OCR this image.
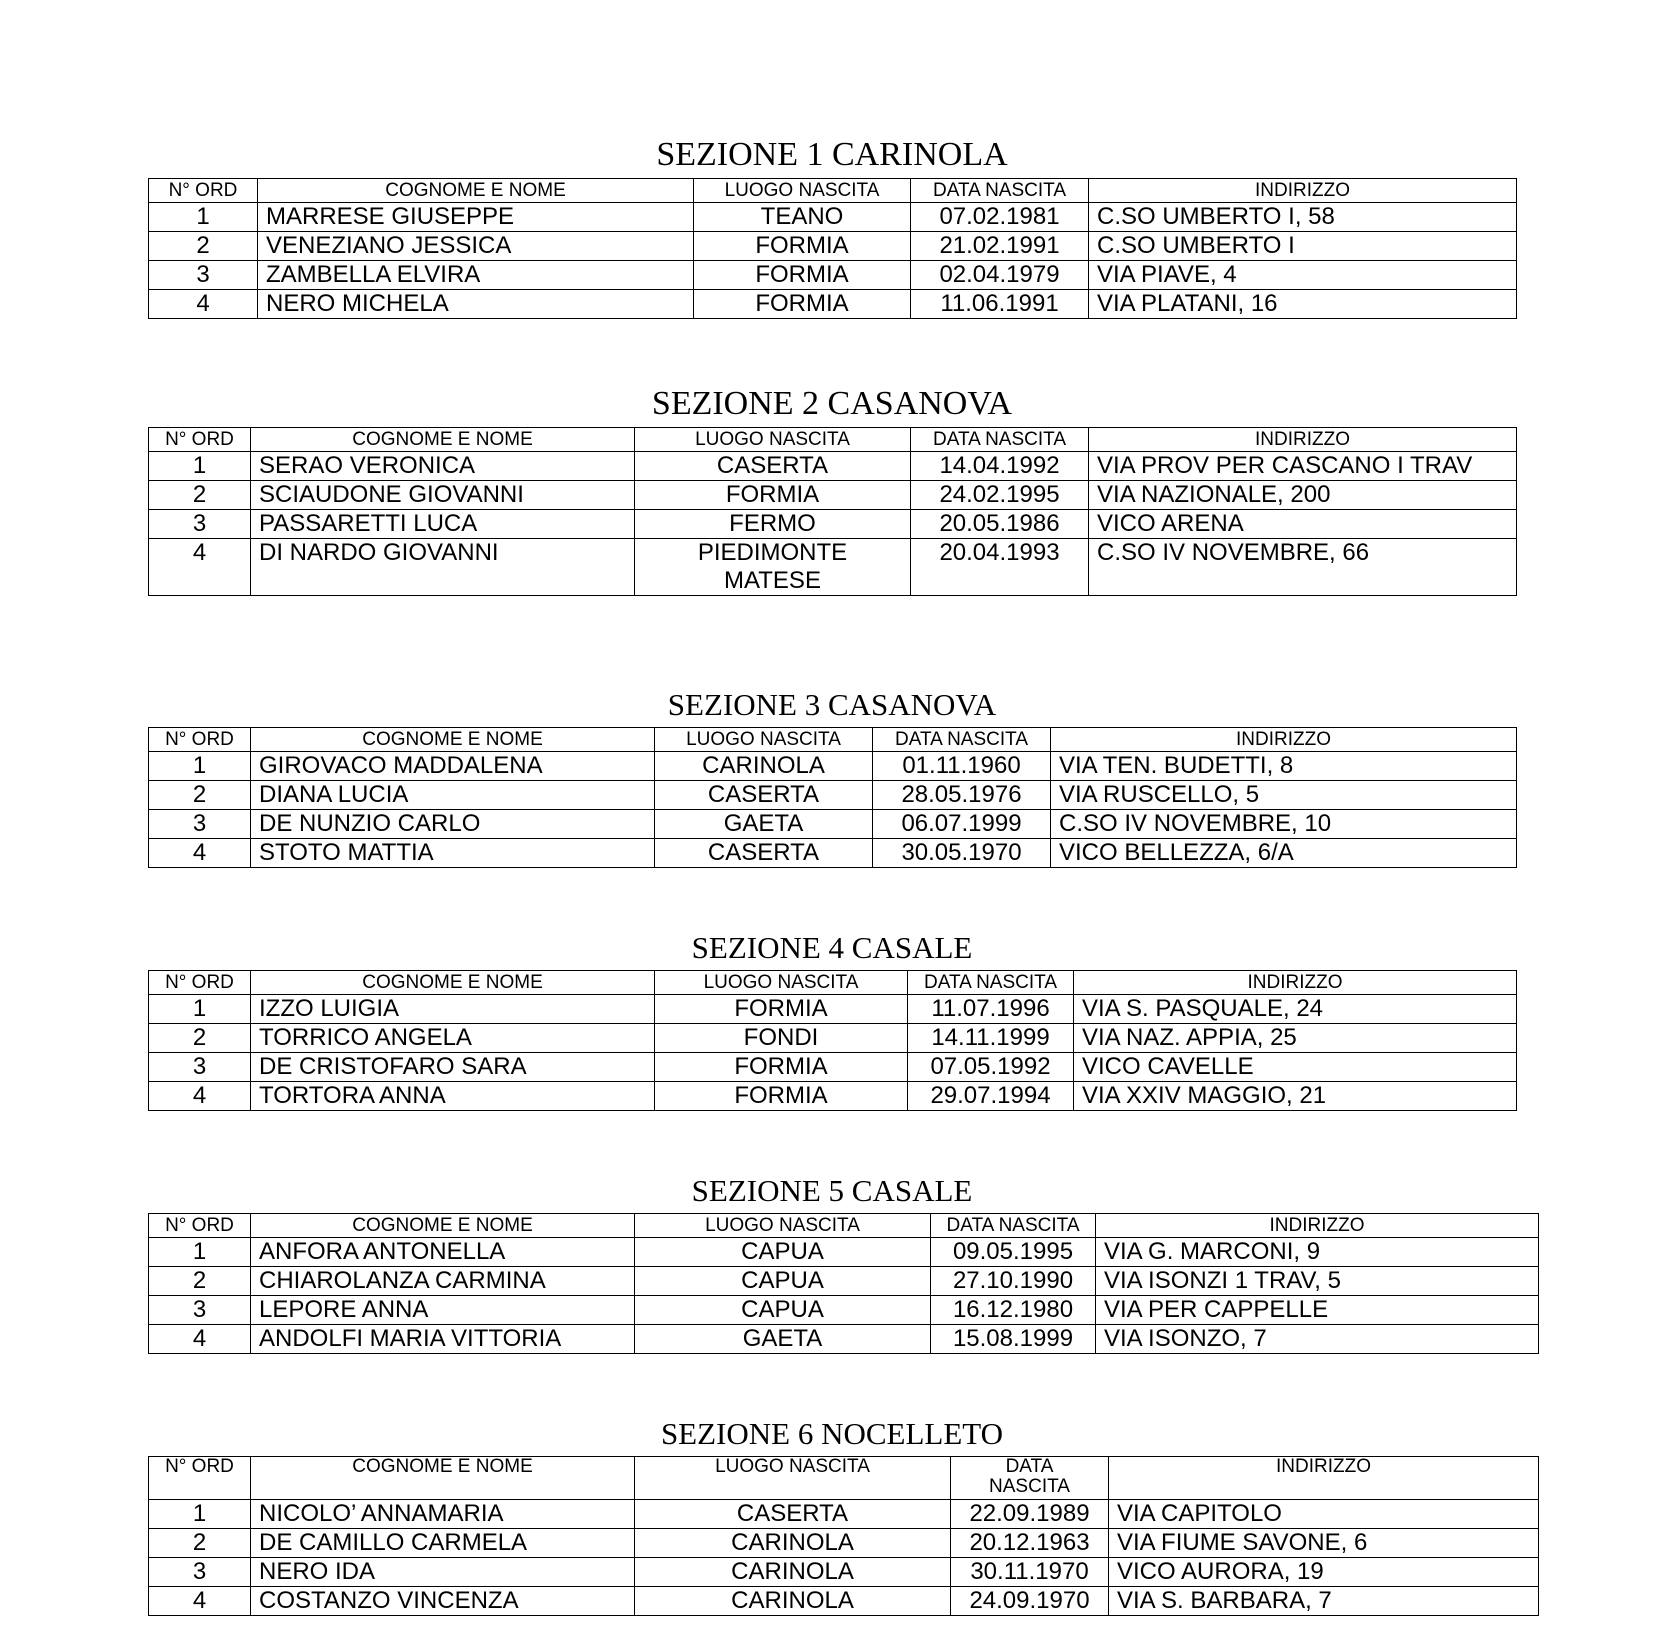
SEZIONE 1 CARINOLA
N° ORD	COGNOME E NOME	LUOGO NASCITA	DATA NASCITA	INDIRIZZO
1	MARRESE GIUSEPPE	TEANO	07.02.1981	C.SO UMBERTO I, 58
2	VENEZIANO JESSICA	FORMIA	21.02.1991	C.SO UMBERTO I
3	ZAMBELLA ELVIRA	FORMIA	02.04.1979	VIA PIAVE, 4
4	NERO MICHELA	FORMIA	11.06.1991	VIA PLATANI, 16
SEZIONE 2 CASANOVA
N° ORD	COGNOME E NOME	LUOGO NASCITA	DATA NASCITA	INDIRIZZO
1	SERAO VERONICA	CASERTA	14.04.1992	VIA PROV PER CASCANO I TRAV
2	SCIAUDONE GIOVANNI	FORMIA	24.02.1995	VIA NAZIONALE, 200
3	PASSARETTI LUCA	FERMO	20.05.1986	VICO ARENA
4	DI NARDO GIOVANNI	PIEDIMONTE MATESE	20.04.1993	C.SO IV NOVEMBRE, 66
SEZIONE 3 CASANOVA
N° ORD	COGNOME E NOME	LUOGO NASCITA	DATA NASCITA	INDIRIZZO
1	GIROVACO MADDALENA	CARINOLA	01.11.1960	VIA TEN. BUDETTI, 8
2	DIANA LUCIA	CASERTA	28.05.1976	VIA RUSCELLO, 5
3	DE NUNZIO CARLO	GAETA	06.07.1999	C.SO IV NOVEMBRE, 10
4	STOTO MATTIA	CASERTA	30.05.1970	VICO BELLEZZA, 6/A
SEZIONE 4 CASALE
N° ORD	COGNOME E NOME	LUOGO NASCITA	DATA NASCITA	INDIRIZZO
1	IZZO LUIGIA	FORMIA	11.07.1996	VIA S. PASQUALE, 24
2	TORRICO ANGELA	FONDI	14.11.1999	VIA NAZ. APPIA, 25
3	DE CRISTOFARO SARA	FORMIA	07.05.1992	VICO CAVELLE
4	TORTORA ANNA	FORMIA	29.07.1994	VIA XXIV MAGGIO, 21
SEZIONE 5 CASALE
N° ORD	COGNOME E NOME	LUOGO NASCITA	DATA NASCITA	INDIRIZZO
1	ANFORA ANTONELLA	CAPUA	09.05.1995	VIA G. MARCONI, 9
2	CHIAROLANZA CARMINA	CAPUA	27.10.1990	VIA ISONZI 1 TRAV, 5
3	LEPORE ANNA	CAPUA	16.12.1980	VIA PER CAPPELLE
4	ANDOLFI MARIA VITTORIA	GAETA	15.08.1999	VIA ISONZO, 7
SEZIONE 6 NOCELLETO
N° ORD	COGNOME E NOME	LUOGO NASCITA	DATA NASCITA	INDIRIZZO
1	NICOLO’ ANNAMARIA	CASERTA	22.09.1989	VIA CAPITOLO
2	DE CAMILLO CARMELA	CARINOLA	20.12.1963	VIA FIUME SAVONE, 6
3	NERO IDA	CARINOLA	30.11.1970	VICO AURORA, 19
4	COSTANZO VINCENZA	CARINOLA	24.09.1970	VIA S. BARBARA, 7
